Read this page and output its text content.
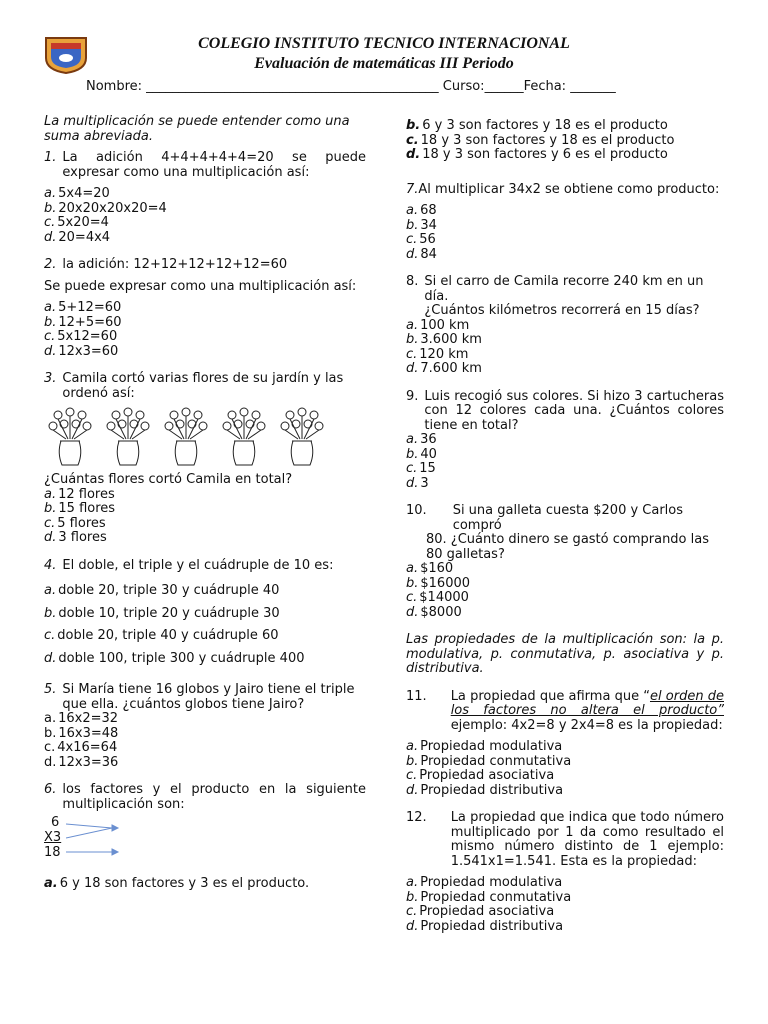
COLEGIO INSTITUTO TECNICO INTERNACIONAL
Evaluación de matemáticas III Periodo
Nombre: _____________________________________________ Curso:______Fecha: _______

La multiplicación se puede entender como una suma abreviada.

1. La adición 4+4+4+4+4=20 se puede expresar como una multiplicación así:
a. 5x4=20
b. 20x20x20x20=4
c. 5x20=4
d. 20=4x4
2. la adición: 12+12+12+12+12=60

Se puede expresar como una multiplicación así:

a. 5+12=60
b. 12+5=60
c. 5x12=60
d. 12x3=60
3. Camila cortó varias flores de su jardín y las ordenó así:

¿Cuántas flores cortó Camila en total?

a. 12 flores
b. 15 flores
c. 5 flores
d. 3 flores
4. El doble, el triple y el cuádruple de 10 es:
a. doble 20, triple 30 y cuádruple 40
b. doble 10, triple 20 y cuádruple 30
c. doble 20, triple 40 y cuádruple 60
d. doble 100, triple 300 y cuádruple 400
5. Si María tiene 16 globos y Jairo tiene el triple que ella. ¿cuántos globos tiene Jairo?
a. 16x2=32
b. 16x3=48
c. 4x16=64
d. 12x3=36
6. los factores y el producto en la siguiente multiplicación son:
6
X3
18
a. 6 y 18 son factores y 3 es el producto.
b. 6 y 3 son factores y 18 es el producto
c. 18 y 3 son factores y 18 es el producto
d. 18 y 3 son factores y 6 es el producto
7. Al multiplicar 34x2 se obtiene como producto:
a. 68
b. 34
c. 56
d. 84
8. Si el carro de Camila recorre 240 km en un día.
¿Cuántos kilómetros recorrerá en 15 días?
a. 100 km
b. 3.600 km
c. 120 km
d. 7.600 km
9. Luis recogió sus colores. Si hizo 3 cartucheras con 12 colores cada una. ¿Cuántos colores tiene en total?
a. 36
b. 40
c. 15
d. 3
10. Si una galleta cuesta $200 y Carlos compró

80. ¿Cuánto dinero se gastó comprando las 80 galletas?

a. $160
b. $16000
c. $14000
d. $8000

Las propiedades de la multiplicación son: la p. modulativa, p. conmutativa, p. asociativa y p. distributiva.

11. La propiedad que afirma que “el orden de los factores no altera el producto” ejemplo: 4x2=8 y 2x4=8 es la propiedad:
a. Propiedad modulativa
b. Propiedad conmutativa
c. Propiedad asociativa
d. Propiedad distributiva
12. La propiedad que indica que todo número multiplicado por 1 da como resultado el mismo número distinto de 1 ejemplo: 1.541x1=1.541. Esta es la propiedad:
a. Propiedad modulativa
b. Propiedad conmutativa
c. Propiedad asociativa
d. Propiedad distributiva
